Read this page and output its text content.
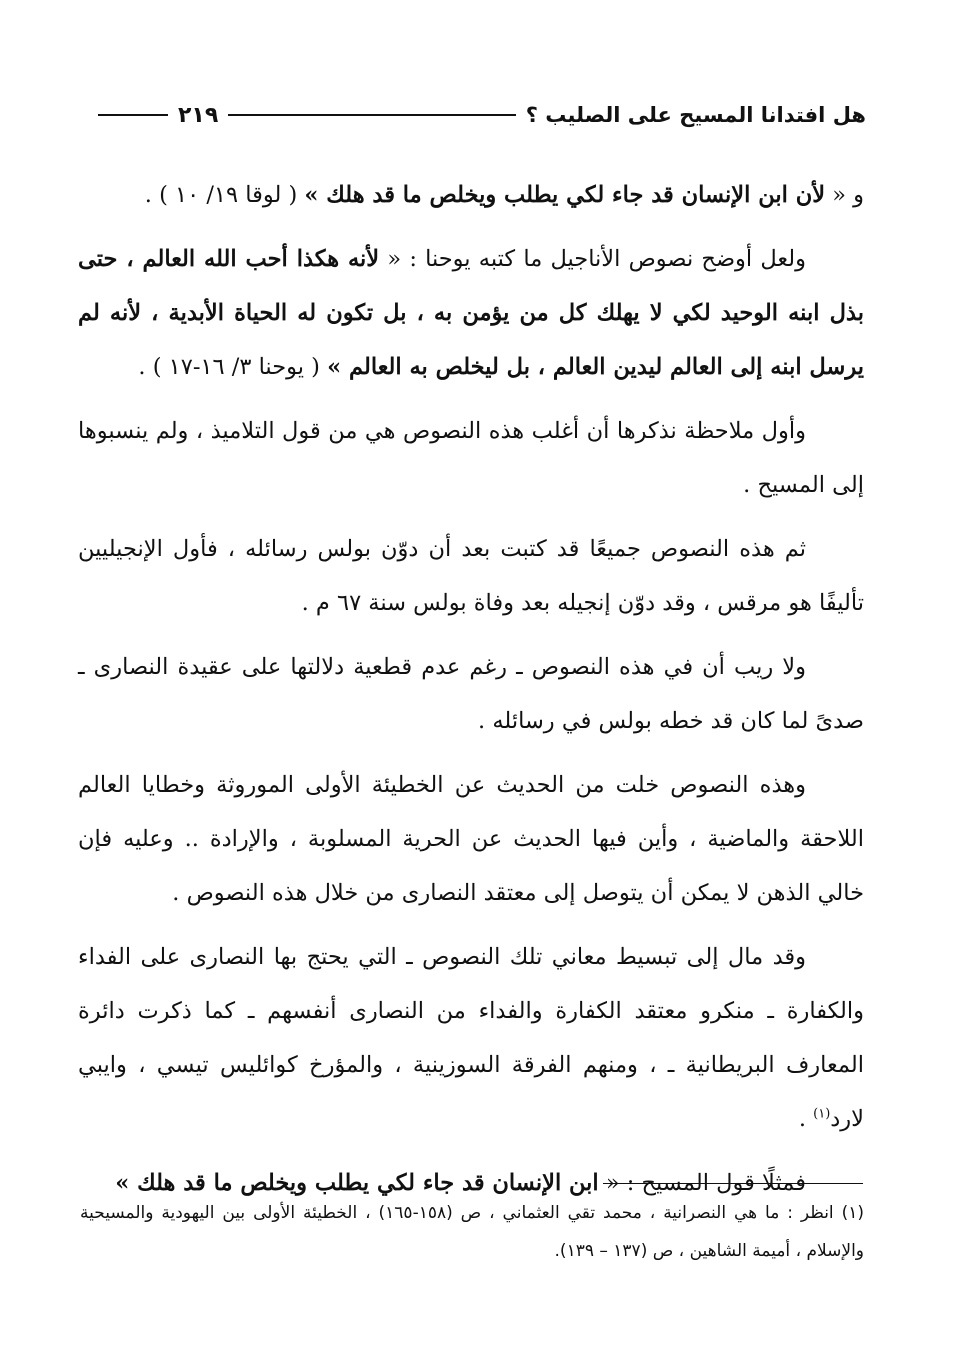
هل افتدانا المسيح على الصليب ؟
٢١٩

و « لأن ابن الإنسان قد جاء لكي يطلب ويخلص ما قد هلك » ( لوقا ١٩/ ١٠ ) .

ولعل أوضح نصوص الأناجيل ما كتبه يوحنا : « لأنه هكذا أحب الله العالم ، حتى بذل ابنه الوحيد لكي لا يهلك كل من يؤمن به ، بل تكون له الحياة الأبدية ، لأنه لم يرسل ابنه إلى العالم ليدين العالم ، بل ليخلص به العالم » ( يوحنا ٣/ ١٦-١٧ ) .

وأول ملاحظة نذكرها أن أغلب هذه النصوص هي من قول التلاميذ ، ولم ينسبوها إلى المسيح .

ثم هذه النصوص جميعًا قد كتبت بعد أن دوّن بولس رسائله ، فأول الإنجيليين تأليفًا هو مرقس ، وقد دوّن إنجيله بعد وفاة بولس سنة ٦٧ م .

ولا ريب أن في هذه النصوص ـ رغم عدم قطعية دلالتها على عقيدة النصارى ـ صدىً لما كان قد خطه بولس في رسائله .

وهذه النصوص خلت من الحديث عن الخطيئة الأولى الموروثة وخطايا العالم اللاحقة والماضية ، وأين فيها الحديث عن الحرية المسلوبة ، والإرادة .. وعليه فإن خالي الذهن لا يمكن أن يتوصل إلى معتقد النصارى من خلال هذه النصوص .

وقد مال إلى تبسيط معاني تلك النصوص ـ التي يحتج بها النصارى على الفداء والكفارة ـ منكرو معتقد الكفارة والفداء من النصارى أنفسهم ـ كما ذكرت دائرة المعارف البريطانية ـ ، ومنهم الفرقة السوزينية ، والمؤرخ كوائليس تيسي ، وايبي لارد$^{(١)}$ .

فمثلًا قول المسيح : « ابن الإنسان قد جاء لكي يطلب ويخلص ما قد هلك »

(١) انظر : ما هي النصرانية ، محمد تقي العثماني ، ص (١٥٨-١٦٥) ، الخطيئة الأولى بين اليهودية والمسيحية والإسلام ، أميمة الشاهين ، ص (١٣٧ – ١٣٩).
